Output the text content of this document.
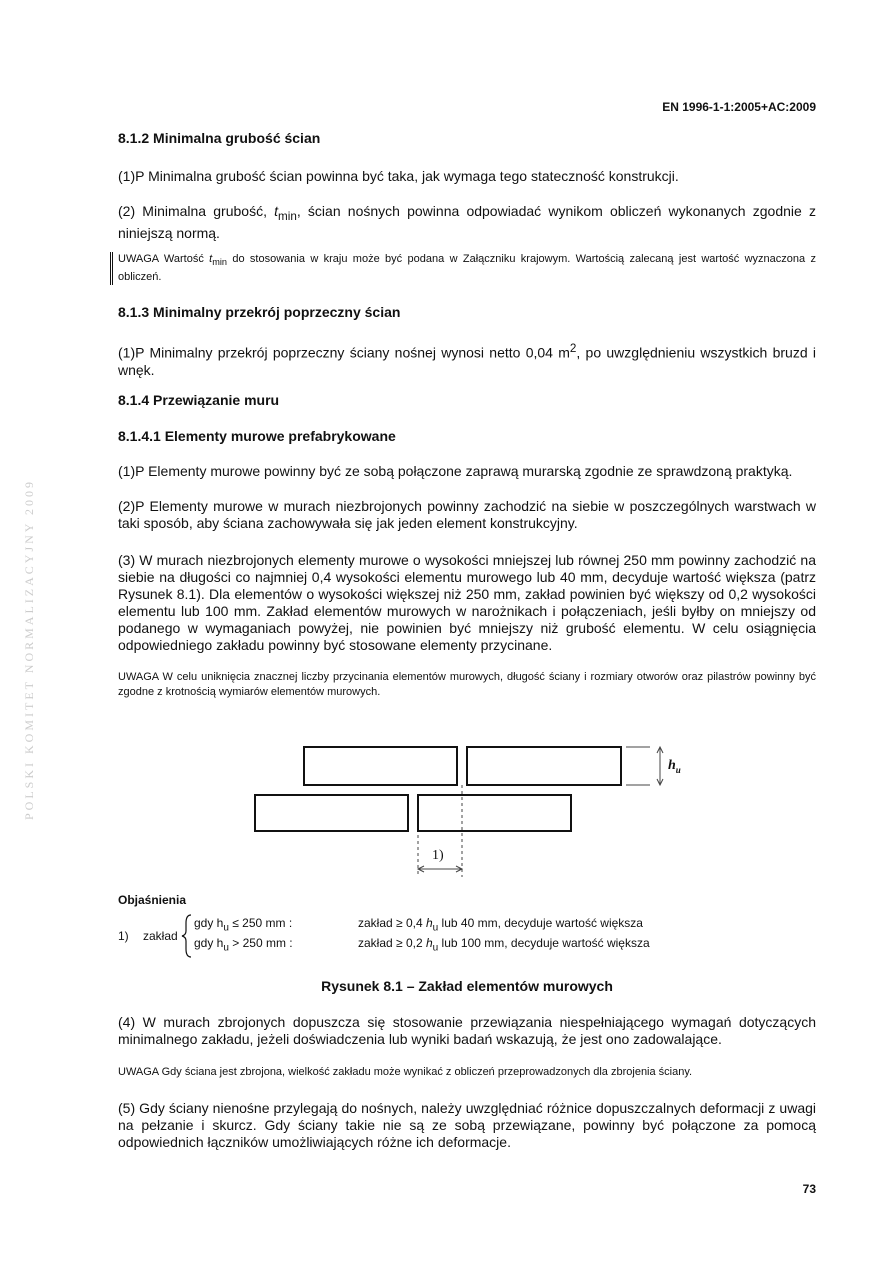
EN 1996-1-1:2005+AC:2009
POLSKI KOMITET NORMALIZACYJNY 2009

8.1.2 Minimalna grubość ścian

(1)P Minimalna grubość ścian powinna być taka, jak wymaga tego stateczność konstrukcji.

(2) Minimalna grubość, $t_{min}$, ścian nośnych powinna odpowiadać wynikom obliczeń wykonanych zgodnie z niniejszą normą.

UWAGA Wartość $t_{min}$ do stosowania w kraju może być podana w Załączniku krajowym. Wartością zalecaną jest wartość wyznaczona z obliczeń.

8.1.3 Minimalny przekrój poprzeczny ścian

(1)P Minimalny przekrój poprzeczny ściany nośnej wynosi netto 0,04 $m^2$, po uwzględnieniu wszystkich bruzd i wnęk.

8.1.4 Przewiązanie muru

8.1.4.1 Elementy murowe prefabrykowane

(1)P Elementy murowe powinny być ze sobą połączone zaprawą murarską zgodnie ze sprawdzoną praktyką.

(2)P Elementy murowe w murach niezbrojonych powinny zachodzić na siebie w poszczególnych warstwach w taki sposób, aby ściana zachowywała się jak jeden element konstrukcyjny.

(3) W murach niezbrojonych elementy murowe o wysokości mniejszej lub równej 250 mm powinny zachodzić na siebie na długości co najmniej 0,4 wysokości elementu murowego lub 40 mm, decyduje wartość większa (patrz Rysunek 8.1). Dla elementów o wysokości większej niż 250 mm, zakład powinien być większy od 0,2 wysokości elementu lub 100 mm. Zakład elementów murowych w narożnikach i połączeniach, jeśli byłby on mniejszy od podanego w wymaganiach powyżej, nie powinien być mniejszy niż grubość elementu. W celu osiągnięcia odpowiedniego zakładu powinny być stosowane elementy przycinane.

UWAGA W celu uniknięcia znacznej liczby przycinania elementów murowych, długość ściany i rozmiary otworów oraz pilastrów powinny być zgodne z krotnością wymiarów elementów murowych.

Objaśnienia
1) zakład
gdy $h_u \le 250$ mm :
gdy $h_u > 250$ mm :
zakład ≥ 0,4 $h_u$ lub 40 mm, decyduje wartość większa
zakład ≥ 0,2 $h_u$ lub 100 mm, decyduje wartość większa
Rysunek 8.1 – Zakład elementów murowych

(4) W murach zbrojonych dopuszcza się stosowanie przewiązania niespełniającego wymagań dotyczących minimalnego zakładu, jeżeli doświadczenia lub wyniki badań wskazują, że jest ono zadowalające.

UWAGA Gdy ściana jest zbrojona, wielkość zakładu może wynikać z obliczeń przeprowadzonych dla zbrojenia ściany.

(5) Gdy ściany nienośne przylegają do nośnych, należy uwzględniać różnice dopuszczalnych deformacji z uwagi na pełzanie i skurcz. Gdy ściany takie nie są ze sobą przewiązane, powinny być połączone za pomocą odpowiednich łączników umożliwiających różne ich deformacje.

$h_u$
1)
73
